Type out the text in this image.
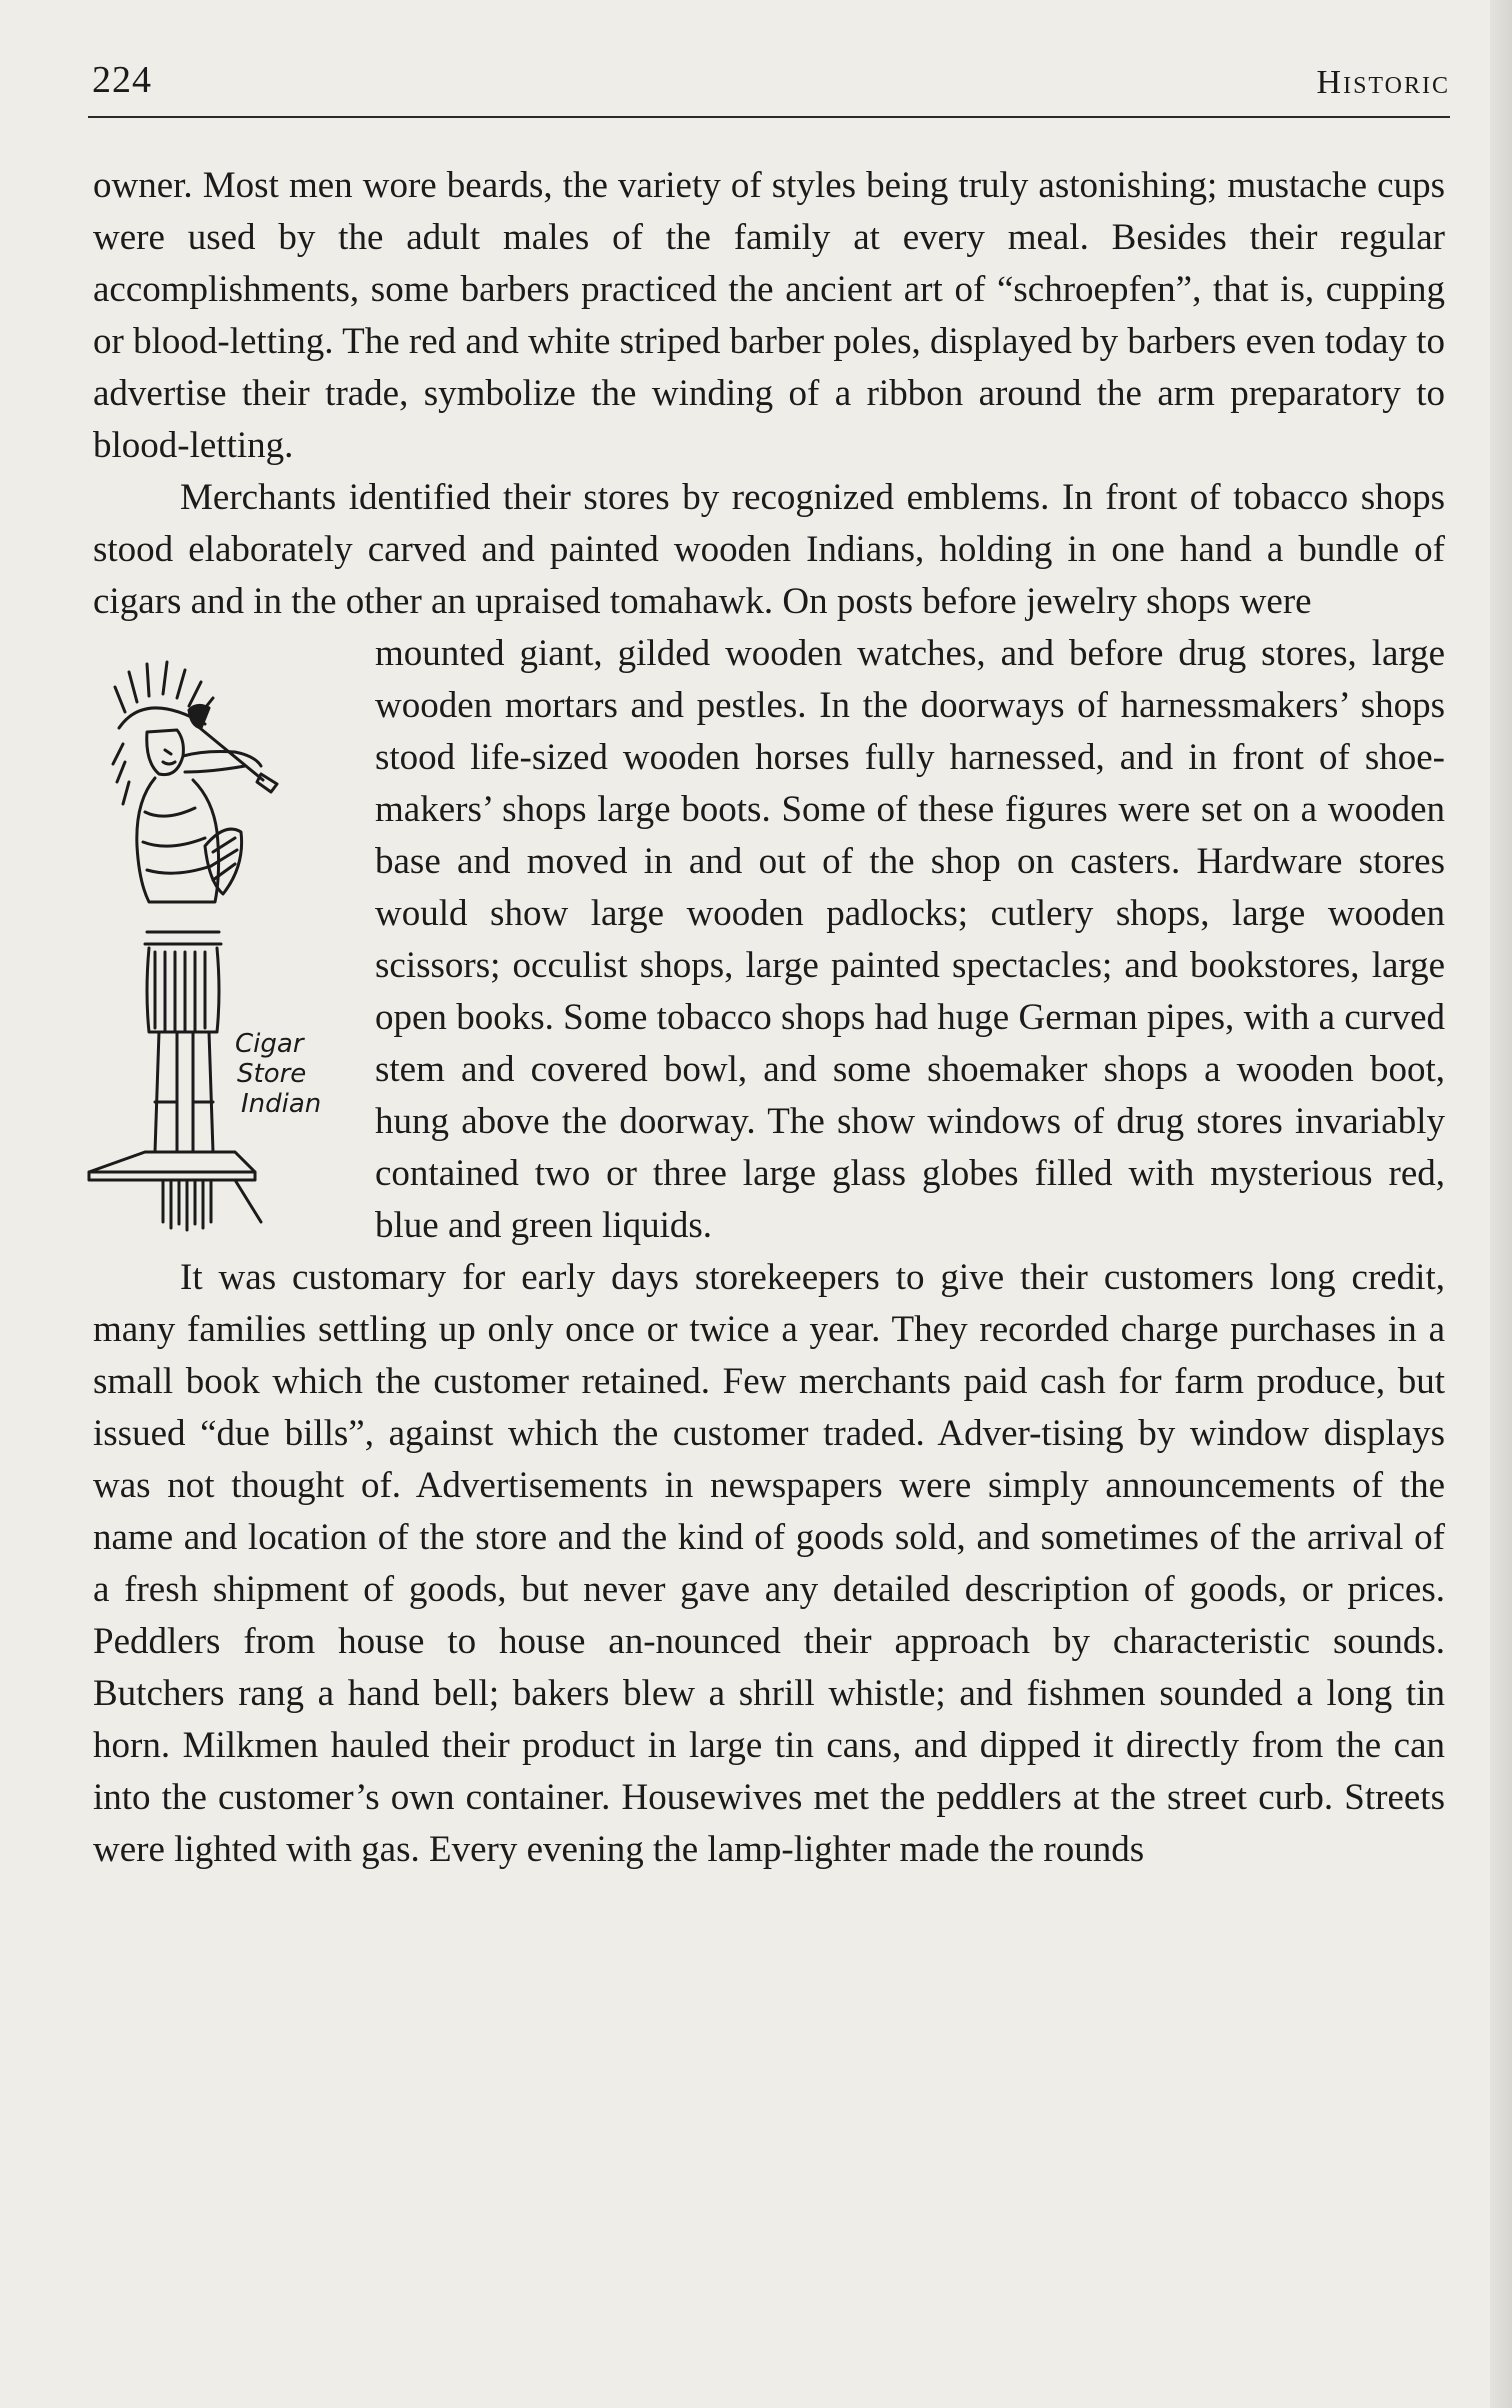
224	Historic

owner. Most men wore beards, the variety of styles being truly astonishing; mustache cups were used by the adult males of the family at every meal. Besides their regular accomplishments, some barbers practiced the ancient art of “schroepfen”, that is, cupping or blood-letting. The red and white striped barber poles, displayed by barbers even today to advertise their trade, symbolize the winding of a ribbon around the arm preparatory to blood-letting.

Merchants identified their stores by recognized emblems. In front of tobacco shops stood elaborately carved and painted wooden Indians, holding in one hand a bundle of cigars and in the other an upraised tomahawk. On posts before jewelry shops were

Cigar
Store
Indian

mounted giant, gilded wooden watches, and before drug stores, large wooden mortars and pestles. In the doorways of harnessmakers’ shops stood life-sized wooden horses fully harnessed, and in front of shoe-makers’ shops large boots. Some of these figures were set on a wooden base and moved in and out of the shop on casters. Hardware stores would show large wooden padlocks; cutlery shops, large wooden scissors; occulist shops, large painted spectacles; and bookstores, large open books. Some tobacco shops had huge German pipes, with a curved stem and covered bowl, and some shoemaker shops a wooden boot, hung above the doorway. The show windows of drug stores invariably contained two or three large glass globes filled with mysterious red, blue and green liquids.

It was customary for early days storekeepers to give their customers long credit, many families settling up only once or twice a year. They recorded charge purchases in a small book which the customer retained. Few merchants paid cash for farm produce, but issued “due bills”, against which the customer traded. Adver-tising by window displays was not thought of. Advertisements in newspapers were simply announcements of the name and location of the store and the kind of goods sold, and sometimes of the arrival of a fresh shipment of goods, but never gave any detailed description of goods, or prices. Peddlers from house to house an-nounced their approach by characteristic sounds. Butchers rang a hand bell; bakers blew a shrill whistle; and fishmen sounded a long tin horn. Milkmen hauled their product in large tin cans, and dipped it directly from the can into the customer’s own container. Housewives met the peddlers at the street curb. Streets were lighted with gas. Every evening the lamp-lighter made the rounds
